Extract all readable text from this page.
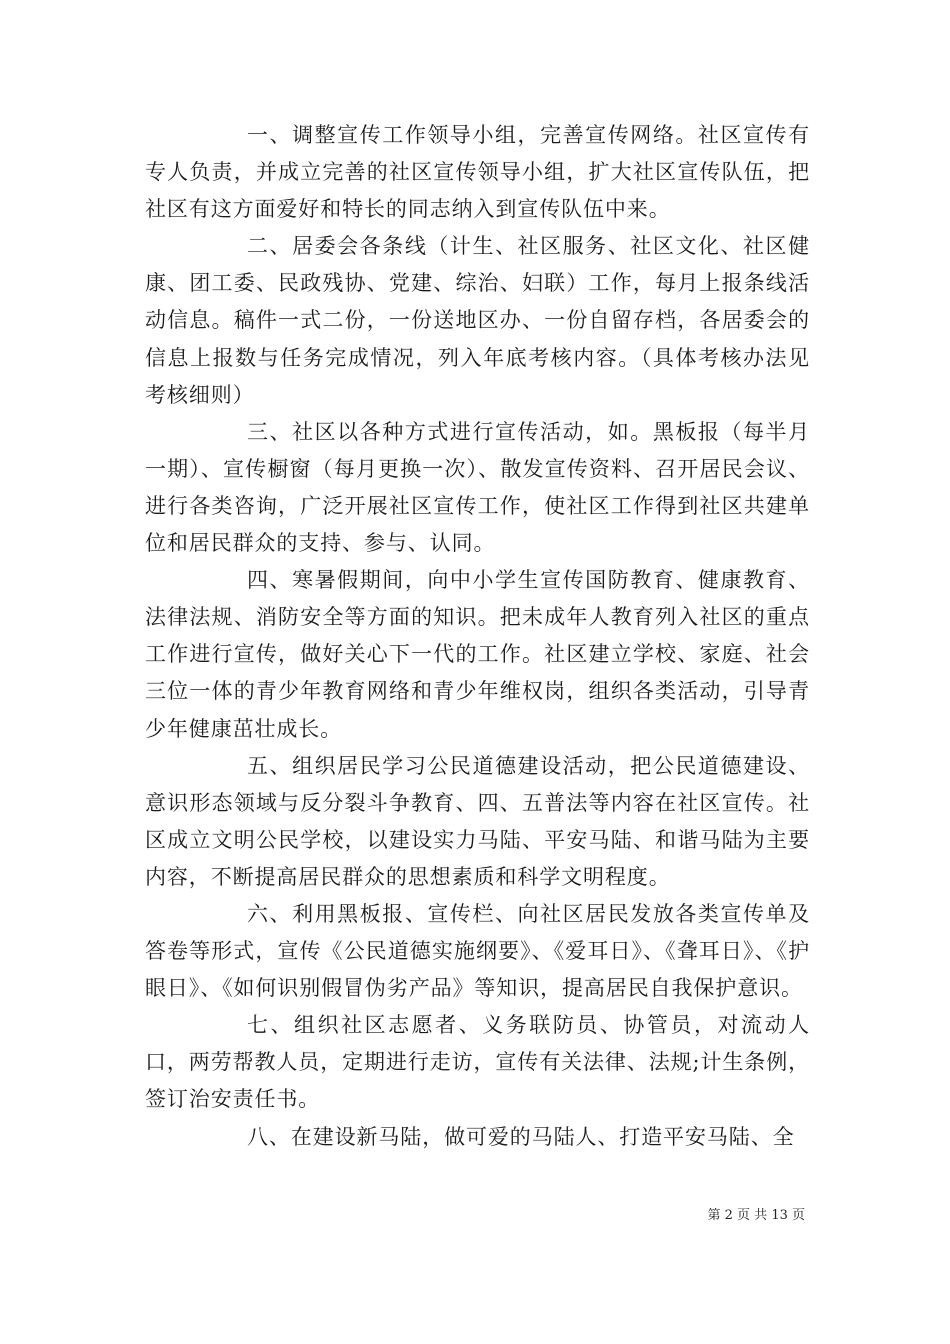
一、调整宣传工作领导小组，完善宣传网络。社区宣传有专人负责，并成立完善的社区宣传领导小组，扩大社区宣传队伍，把社区有这方面爱好和特长的同志纳入到宣传队伍中来。

二、居委会各条线（计生、社区服务、社区文化、社区健康、团工委、民政残协、党建、综治、妇联）工作，每月上报条线活动信息。稿件一式二份，一份送地区办、一份自留存档，各居委会的信息上报数与任务完成情况，列入年底考核内容。（具体考核办法见考核细则）

三、社区以各种方式进行宣传活动，如。黑板报（每半月一期）、宣传橱窗（每月更换一次）、散发宣传资料、召开居民会议、进行各类咨询，广泛开展社区宣传工作，使社区工作得到社区共建单位和居民群众的支持、参与、认同。

四、寒暑假期间，向中小学生宣传国防教育、健康教育、法律法规、消防安全等方面的知识。把未成年人教育列入社区的重点工作进行宣传，做好关心下一代的工作。社区建立学校、家庭、社会三位一体的青少年教育网络和青少年维权岗，组织各类活动，引导青少年健康茁壮成长。

五、组织居民学习公民道德建设活动，把公民道德建设、意识形态领域与反分裂斗争教育、四、五普法等内容在社区宣传。社区成立文明公民学校，以建设实力马陆、平安马陆、和谐马陆为主要内容，不断提高居民群众的思想素质和科学文明程度。

六、利用黑板报、宣传栏、向社区居民发放各类宣传单及答卷等形式，宣传《公民道德实施纲要》、《爱耳日》、《聋耳日》、《护眼日》、《如何识别假冒伪劣产品》等知识，提高居民自我保护意识。

七、组织社区志愿者、义务联防员、协管员，对流动人口，两劳帮教人员，定期进行走访，宣传有关法律、法规;计生条例，签订治安责任书。

八、在建设新马陆，做可爱的马陆人、打造平安马陆、全

第 2 页 共 13 页
